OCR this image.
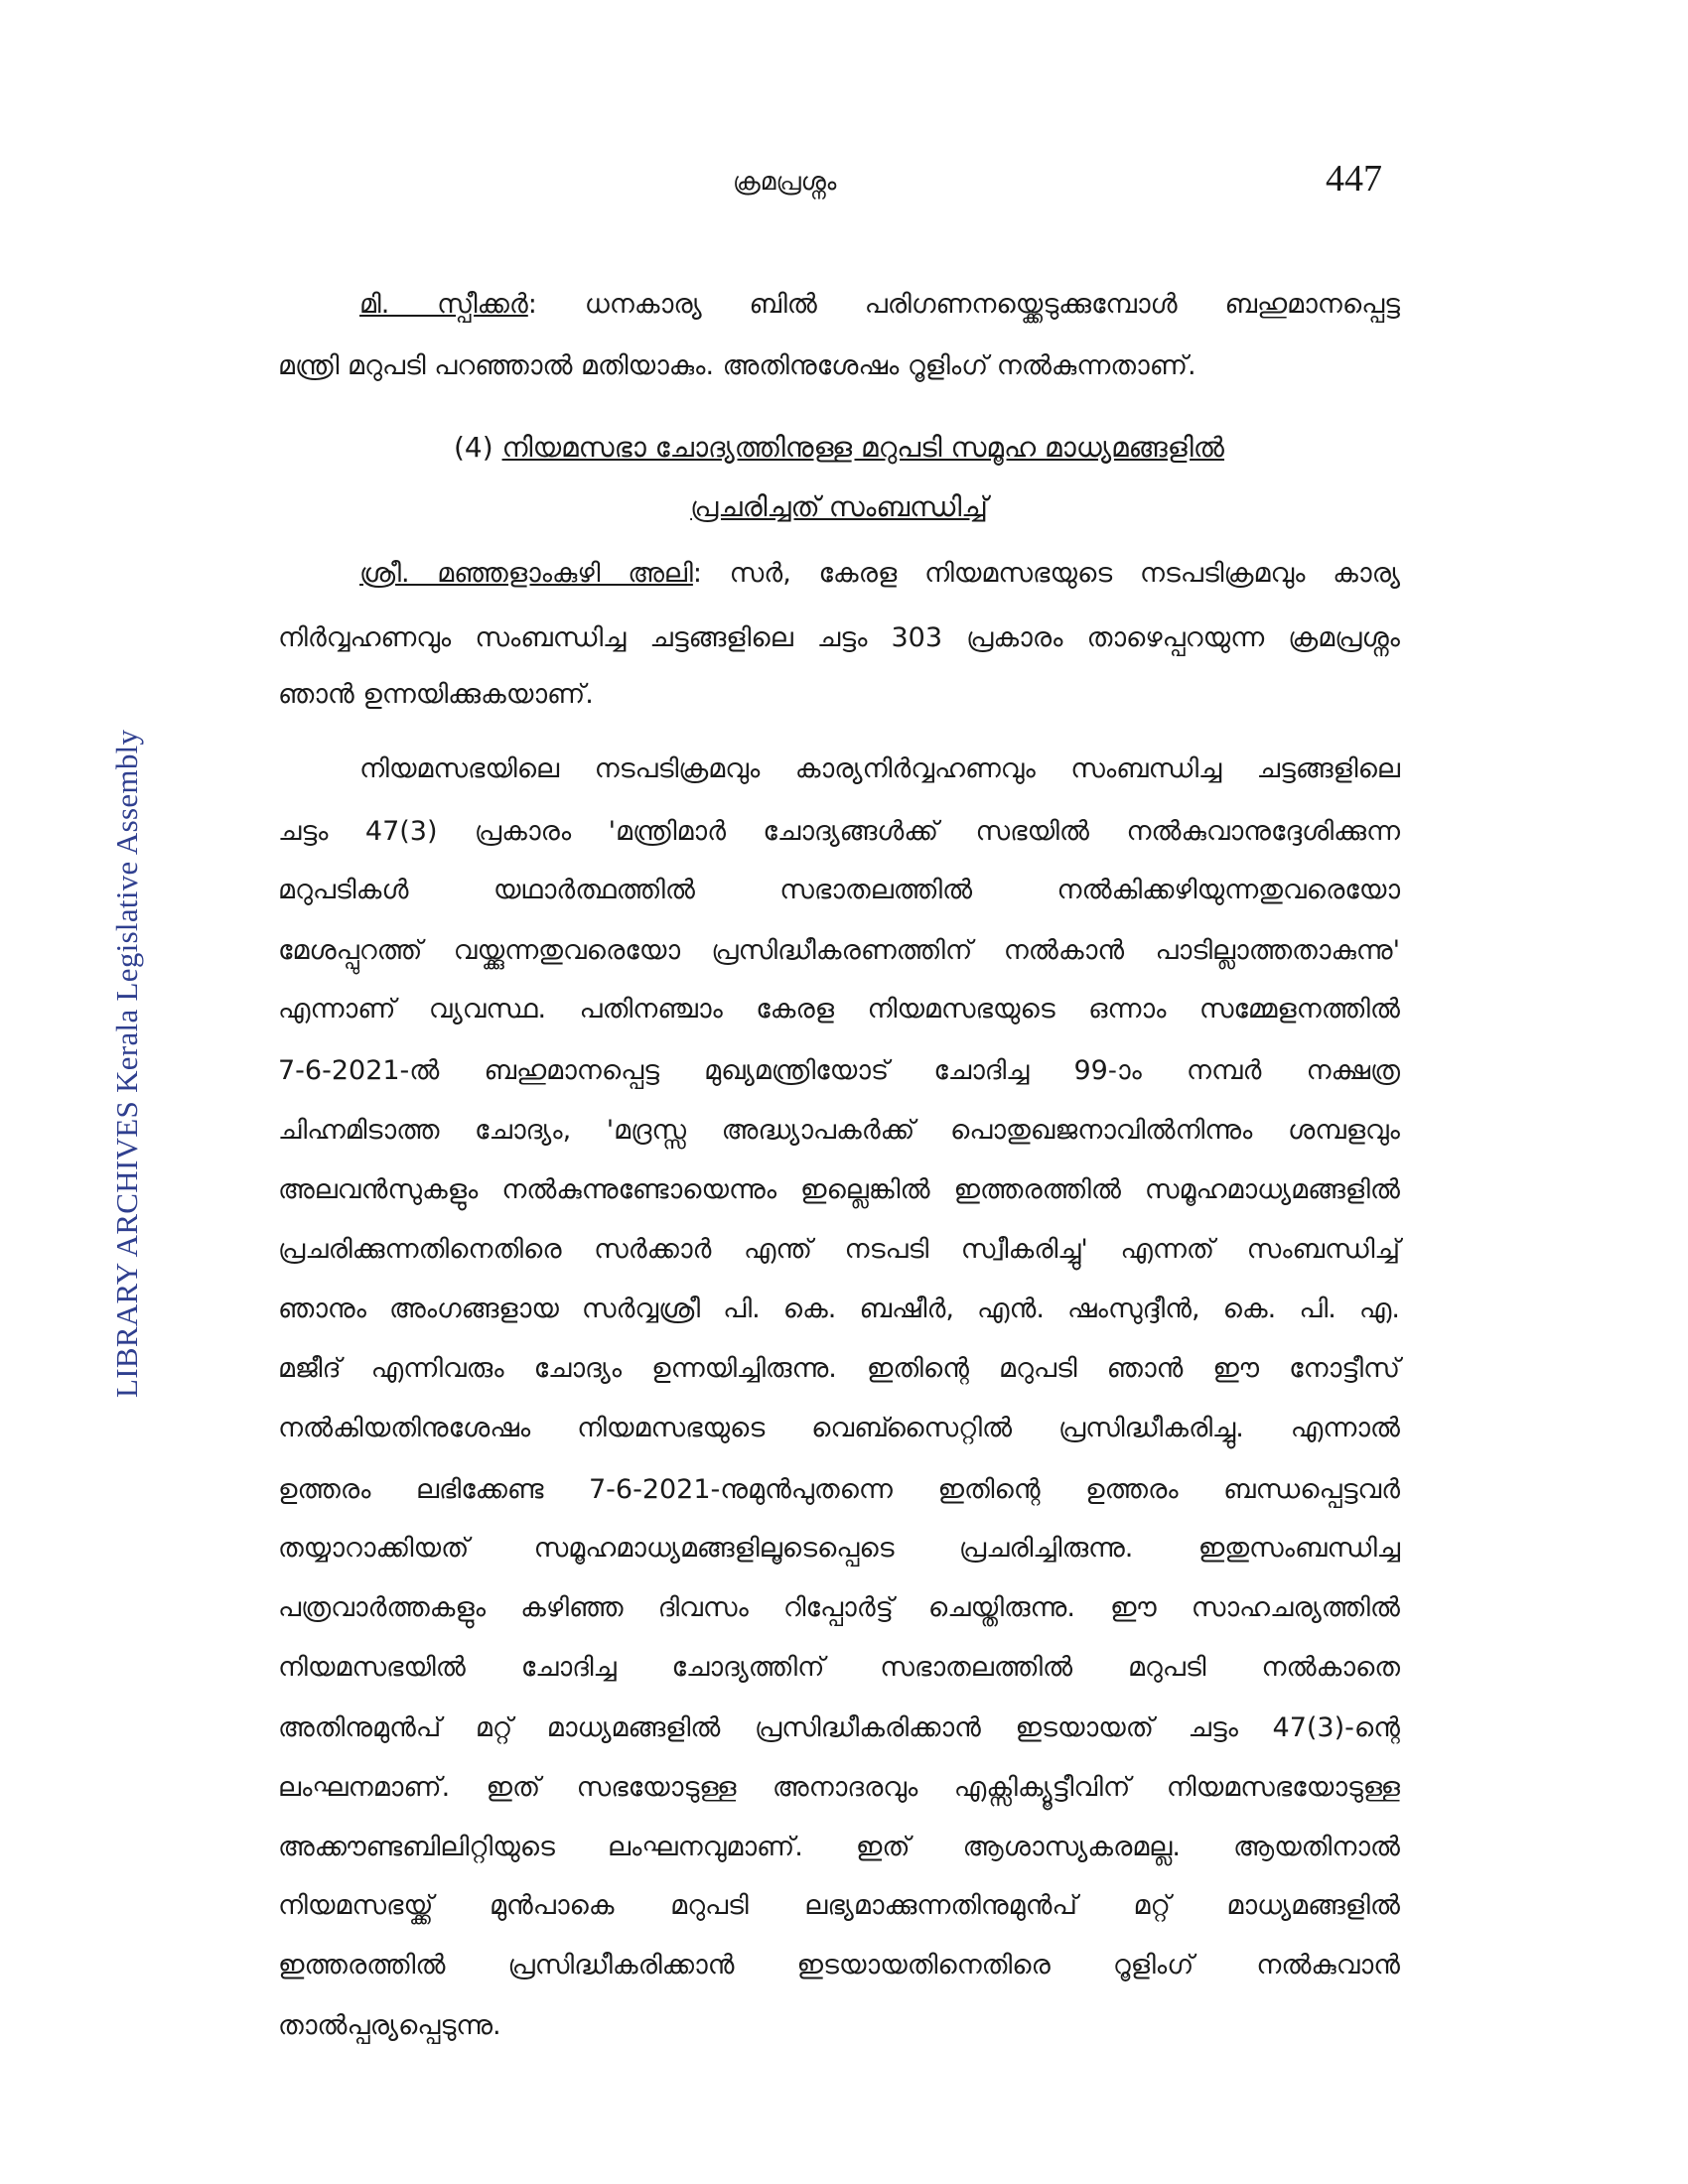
ക്രമപ്രശ്നം	447
LIBRARY ARCHIVES Kerala Legislative Assembly
മി. സ്പീക്കർ: ധനകാര്യ ബിൽ പരിഗണനയ്ക്കെടുക്കുമ്പോൾ ബഹുമാനപ്പെട്ട
മന്ത്രി മറുപടി പറഞ്ഞാൽ മതിയാകും. അതിനുശേഷം റൂളിംഗ് നൽകുന്നതാണ്.
(4) നിയമസഭാ ചോദ്യത്തിനുള്ള മറുപടി സമൂഹ മാധ്യമങ്ങളിൽ
പ്രചരിച്ചത് സംബന്ധിച്ച്
ശ്രീ. മഞ്ഞളാംകുഴി അലി: സർ, കേരള നിയമസഭയുടെ നടപടിക്രമവും കാര്യ
നിർവ്വഹണവും സംബന്ധിച്ച ചട്ടങ്ങളിലെ ചട്ടം 303 പ്രകാരം താഴെപ്പറയുന്ന ക്രമപ്രശ്നം
ഞാൻ ഉന്നയിക്കുകയാണ്.
നിയമസഭയിലെ നടപടിക്രമവും കാര്യനിർവ്വഹണവും സംബന്ധിച്ച ചട്ടങ്ങളിലെ
ചട്ടം 47(3) പ്രകാരം 'മന്ത്രിമാർ ചോദ്യങ്ങൾക്ക് സഭയിൽ നൽകുവാനുദ്ദേശിക്കുന്ന
മറുപടികൾ യഥാർത്ഥത്തിൽ സഭാതലത്തിൽ നൽകിക്കഴിയുന്നതുവരെയോ
മേശപ്പുറത്ത് വയ്ക്കുന്നതുവരെയോ പ്രസിദ്ധീകരണത്തിന് നൽകാൻ പാടില്ലാത്തതാകുന്നു'
എന്നാണ് വ്യവസ്ഥ. പതിനഞ്ചാം കേരള നിയമസഭയുടെ ഒന്നാം സമ്മേളനത്തിൽ
7-6-2021-ൽ ബഹുമാനപ്പെട്ട മുഖ്യമന്ത്രിയോട് ചോദിച്ച 99-ാം നമ്പർ നക്ഷത്ര
ചിഹ്നമിടാത്ത ചോദ്യം, 'മദ്രസ്സ അദ്ധ്യാപകർക്ക് പൊതുഖജനാവിൽനിന്നും ശമ്പളവും
അലവൻസുകളും നൽകുന്നുണ്ടോയെന്നും ഇല്ലെങ്കിൽ ഇത്തരത്തിൽ സമൂഹമാധ്യമങ്ങളിൽ
പ്രചരിക്കുന്നതിനെതിരെ സർക്കാർ എന്ത് നടപടി സ്വീകരിച്ചു' എന്നത് സംബന്ധിച്ച്
ഞാനും അംഗങ്ങളായ സർവ്വശ്രീ പി. കെ. ബഷീർ, എൻ. ഷംസുദ്ദീൻ, കെ. പി. എ.
മജീദ് എന്നിവരും ചോദ്യം ഉന്നയിച്ചിരുന്നു. ഇതിന്റെ മറുപടി ഞാൻ ഈ നോട്ടീസ്
നൽകിയതിനുശേഷം നിയമസഭയുടെ വെബ്സൈറ്റിൽ പ്രസിദ്ധീകരിച്ചു. എന്നാൽ
ഉത്തരം ലഭിക്കേണ്ട 7-6-2021-നുമുൻപുതന്നെ ഇതിന്റെ ഉത്തരം ബന്ധപ്പെട്ടവർ
തയ്യാറാക്കിയത് സമൂഹമാധ്യമങ്ങളിലൂടെപ്പെടെ പ്രചരിച്ചിരുന്നു. ഇതുസംബന്ധിച്ച
പത്രവാർത്തകളും കഴിഞ്ഞ ദിവസം റിപ്പോർട്ട് ചെയ്തിരുന്നു. ഈ സാഹചര്യത്തിൽ
നിയമസഭയിൽ ചോദിച്ച ചോദ്യത്തിന് സഭാതലത്തിൽ മറുപടി നൽകാതെ
അതിനുമുൻപ് മറ്റ് മാധ്യമങ്ങളിൽ പ്രസിദ്ധീകരിക്കാൻ ഇടയായത് ചട്ടം 47(3)-ന്റെ
ലംഘനമാണ്. ഇത് സഭയോടുള്ള അനാദരവും എക്സിക്യൂട്ടീവിന് നിയമസഭയോടുള്ള
അക്കൗണ്ടബിലിറ്റിയുടെ ലംഘനവുമാണ്. ഇത് ആശാസ്യകരമല്ല. ആയതിനാൽ
നിയമസഭയ്ക്ക് മുൻപാകെ മറുപടി ലഭ്യമാക്കുന്നതിനുമുൻപ് മറ്റ് മാധ്യമങ്ങളിൽ
ഇത്തരത്തിൽ പ്രസിദ്ധീകരിക്കാൻ ഇടയായതിനെതിരെ റൂളിംഗ് നൽകുവാൻ
താൽപ്പര്യപ്പെടുന്നു.
